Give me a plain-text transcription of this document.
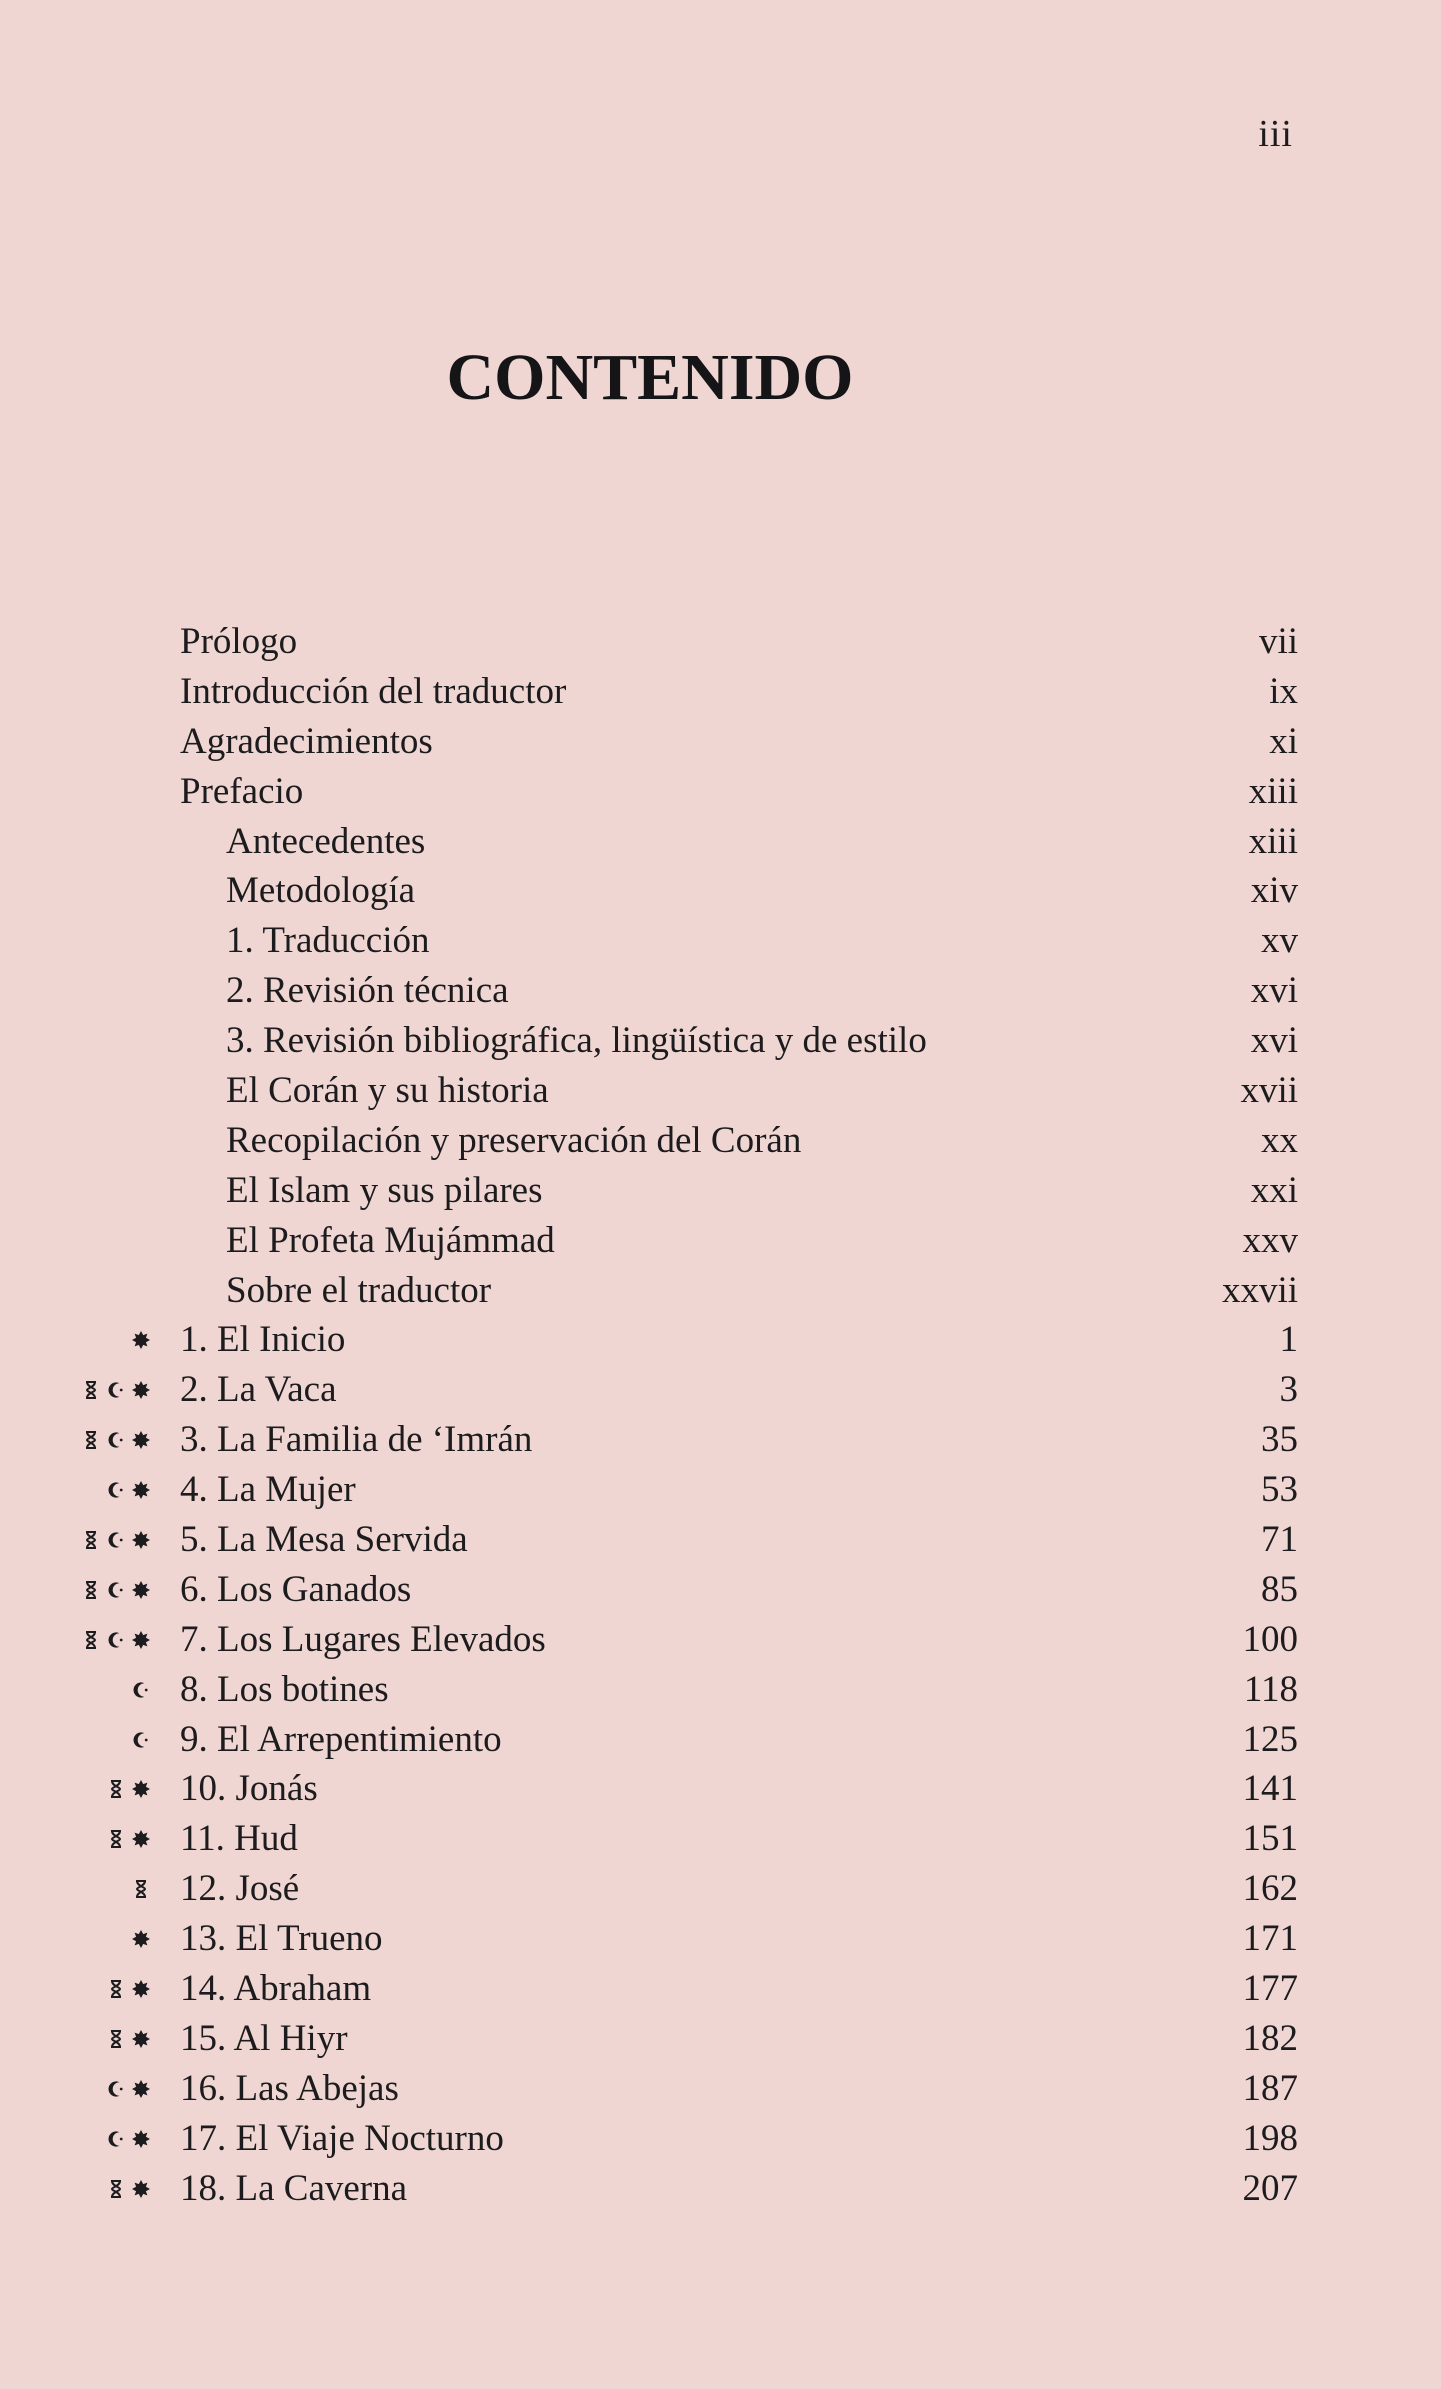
iii
CONTENIDO
Prólogo	vii
Introducción del traductor	ix
Agradecimientos	xi
Prefacio	xiii
Antecedentes	xiii
Metodología	xiv
1. Traducción	xv
2. Revisión técnica	xvi
3. Revisión bibliográfica, lingüística y de estilo	xvi
El Corán y su historia	xvii
Recopilación y preservación del Corán	xx
El Islam y sus pilares	xxi
El Profeta Mujámmad	xxv
Sobre el traductor	xxvii
1. El Inicio	1
2. La Vaca	3
3. La Familia de ‘Imrán	35
4. La Mujer	53
5. La Mesa Servida	71
6. Los Ganados	85
7. Los Lugares Elevados	100
8. Los botines	118
9. El Arrepentimiento	125
10. Jonás	141
11. Hud	151
12. José	162
13. El Trueno	171
14. Abraham	177
15. Al Hiyr	182
16. Las Abejas	187
17. El Viaje Nocturno	198
18. La Caverna	207
